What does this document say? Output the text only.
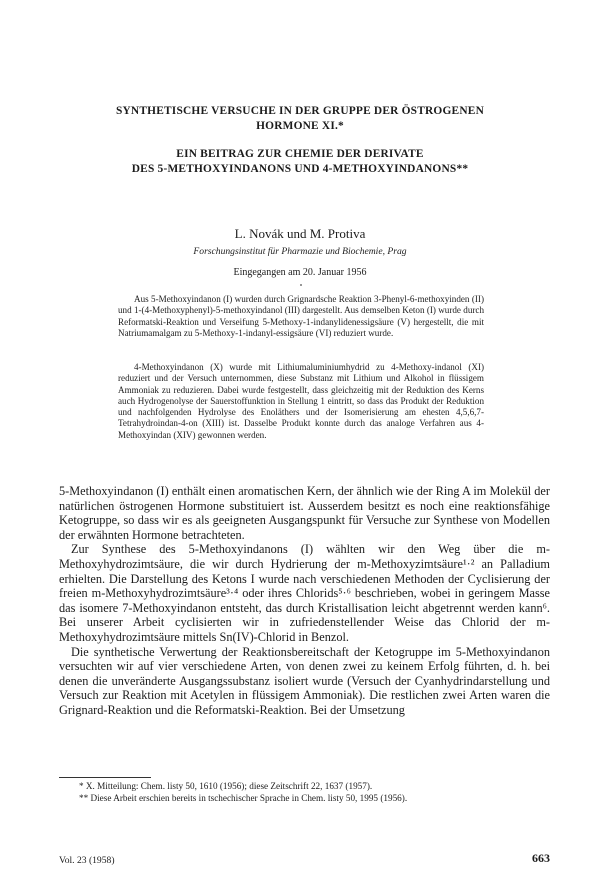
SYNTHETISCHE VERSUCHE IN DER GRUPPE DER ÖSTROGENEN
HORMONE XI.*
EIN BEITRAG ZUR CHEMIE DER DERIVATE
DES 5-METHOXYINDANONS UND 4-METHOXYINDANONS**
L. Novák und M. Protiva
Forschungsinstitut für Pharmazie und Biochemie, Prag
Eingegangen am 20. Januar 1956

Aus 5-Methoxyindanon (I) wurden durch Grignardsche Reaktion 3-Phenyl-6-methoxyinden (II) und 1-(4-Methoxyphenyl)-5-methoxyindanol (III) dargestellt. Aus demselben Keton (I) wurde durch Reformatski-Reaktion und Verseifung 5-Methoxy-1-indanylidenessigsäure (V) hergestellt, die mit Natriumamalgam zu 5-Methoxy-1-indanyl-essigsäure (VI) reduziert wurde.

4-Methoxyindanon (X) wurde mit Lithiumaluminiumhydrid zu 4-Methoxy-indanol (XI) reduziert und der Versuch unternommen, diese Substanz mit Lithium und Alkohol in flüssigem Ammoniak zu reduzieren. Dabei wurde festgestellt, dass gleichzeitig mit der Reduktion des Kerns auch Hydrogenolyse der Sauerstoffunktion in Stellung 1 eintritt, so dass das Produkt der Reduktion und nachfolgenden Hydrolyse des Enoläthers und der Isomerisierung am ehesten 4,5,6,7-Tetrahydroindan-4-on (XIII) ist. Dasselbe Produkt konnte durch das analoge Verfahren aus 4-Methoxyindan (XIV) gewonnen werden.

5-Methoxyindanon (I) enthält einen aromatischen Kern, der ähnlich wie der Ring A im Molekül der natürlichen östrogenen Hormone substituiert ist. Ausserdem besitzt es noch eine reaktionsfähige Ketogruppe, so dass wir es als geeigneten Ausgangspunkt für Versuche zur Synthese von Modellen der erwähnten Hormone betrachteten.

Zur Synthese des 5-Methoxyindanons (I) wählten wir den Weg über die m-Methoxyhydrozimtsäure, die wir durch Hydrierung der m-Methoxyzimtsäure¹·² an Palladium erhielten. Die Darstellung des Ketons I wurde nach verschiedenen Methoden der Cyclisierung der freien m-Methoxyhydrozimtsäure³·⁴ oder ihres Chlorids⁵·⁶ beschrieben, wobei in geringem Masse das isomere 7-Methoxyindanon entsteht, das durch Kristallisation leicht abgetrennt werden kann⁶. Bei unserer Arbeit cyclisierten wir in zufriedenstellender Weise das Chlorid der m-Methoxyhydrozimtsäure mittels Sn(IV)-Chlorid in Benzol.

Die synthetische Verwertung der Reaktionsbereitschaft der Ketogruppe im 5-Methoxyindanon versuchten wir auf vier verschiedene Arten, von denen zwei zu keinem Erfolg führten, d. h. bei denen die unveränderte Ausgangssubstanz isoliert wurde (Versuch der Cyanhydrindarstellung und Versuch zur Reaktion mit Acetylen in flüssigem Ammoniak). Die restlichen zwei Arten waren die Grignard-Reaktion und die Reformatski-Reaktion. Bei der Umsetzung

* X. Mitteilung: Chem. listy 50, 1610 (1956); diese Zeitschrift 22, 1637 (1957).
** Diese Arbeit erschien bereits in tschechischer Sprache in Chem. listy 50, 1995 (1956).
Vol. 23 (1958)	663
